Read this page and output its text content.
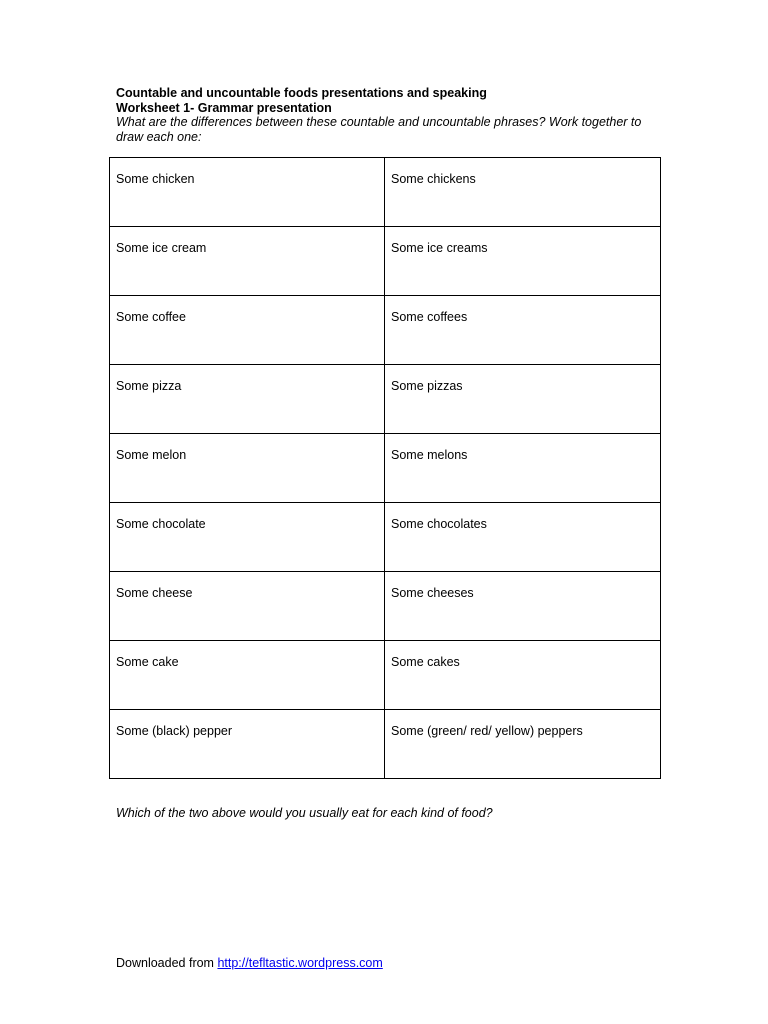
Countable and uncountable foods presentations and speaking
Worksheet 1- Grammar presentation
What are the differences between these countable and uncountable phrases? Work together to draw each one:
Some chicken	Some chickens
Some ice cream	Some ice creams
Some coffee	Some coffees
Some pizza	Some pizzas
Some melon	Some melons
Some chocolate	Some chocolates
Some cheese	Some cheeses
Some cake	Some cakes
Some (black) pepper	Some (green/ red/ yellow) peppers
Which of the two above would you usually eat for each kind of food?
Downloaded from http://tefltastic.wordpress.com
